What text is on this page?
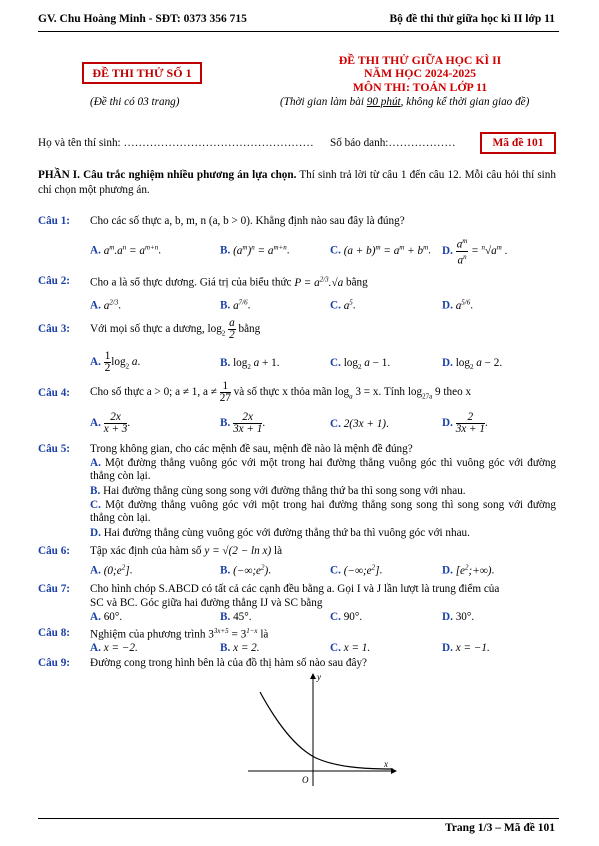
GV. Chu Hoàng Minh - SĐT: 0373 356 715	Bộ đề thi thử giữa học kì II lớp 11
ĐỀ THI THỬ SỐ 1
(Đề thi có 03 trang)
ĐỀ THI THỬ GIỮA HỌC KÌ II
NĂM HỌC 2024-2025
MÔN THI: TOÁN LỚP 11
(Thời gian làm bài 90 phút, không kể thời gian giao đề)
Họ và tên thí sinh: …………………………………………… Số báo danh:………………	Mã đề 101
PHẦN I. Câu trắc nghiệm nhiều phương án lựa chọn. Thí sinh trả lời từ câu 1 đến câu 12. Mỗi câu hỏi thí sinh chỉ chọn một phương án.
Câu 1: Cho các số thực a, b, m, n (a, b > 0). Khẳng định nào sau đây là đúng?
A. $a^m.a^n = a^{m+n}$.	B. $(a^m)^n = a^{m+n}$.	C. $(a + b)^m = a^m + b^m$. D. $\frac{a^m}{a^n} = ^n√a^m$ .
Câu 2: Cho a là số thực dương. Giá trị của biểu thức $P = a^{2/3}.√a$ bằng
A. $a^{2/3}$.	B. $a^{7/6}$.	C. $a^5$.	D. $a^{5/6}$.
Câu 3: Với mọi số thực a dương, $\log_2 \frac{a}{2}$ bằng
A. $\frac{1}{2} \log_2 a$.	B. $\log_2 a + 1$.	C. $\log_2 a - 1$.	D. $\log_2 a - 2$.
Câu 4: Cho số thực a > 0; a ≠ 1, $a \ne \frac{1}{27}$ và số thực x thỏa mãn $\log_a 3 = x$. Tính $\log_{27a} 9$ theo x
A. $\frac{2x}{x + 3}$ .	B. $\frac{2x}{3x + 1}$ .	C. 2(3x + 1).	D. $\frac{2}{3x + 1}$ .
Câu 5: Trong không gian, cho các mệnh đề sau, mệnh đề nào là mệnh đề đúng?
A. Một đường thẳng vuông góc với một trong hai đường thẳng vuông góc thì vuông góc với đường thẳng còn lại.
B. Hai đường thẳng cùng song song với đường thẳng thứ ba thì song song với nhau.
C. Một đường thẳng vuông góc với một trong hai đường thẳng song song thì song song với đường thẳng còn lại.
D. Hai đường thẳng cùng vuông góc với đường thẳng thứ ba thì vuông góc với nhau.
Câu 6: Tập xác định của hàm số y = √(2 − ln x) là
A. $(0;e^2]$.	B. $(-\infty;e^2)$.	C. $(-\infty;e^2]$.	D. $[e^2;+\infty)$.
Câu 7: Cho hình chóp S.ABCD có tất cả các cạnh đều bằng a. Gọi I và J lần lượt là trung điểm của
SC và BC. Góc giữa hai đường thẳng IJ và SC bằng
A. 60°.	B. 45°.	C. 90°.	D. 30°.
Câu 8: Nghiệm của phương trình $3^{3x+5} = 3^{1-x}$ là
A. x = −2.	B. x = 2.	C. x = 1.	D. x = −1.
Câu 9: Đường cong trong hình bên là của đồ thị hàm số nào sau đây?
x
y
O
Trang 1/3 – Mã đề 101
